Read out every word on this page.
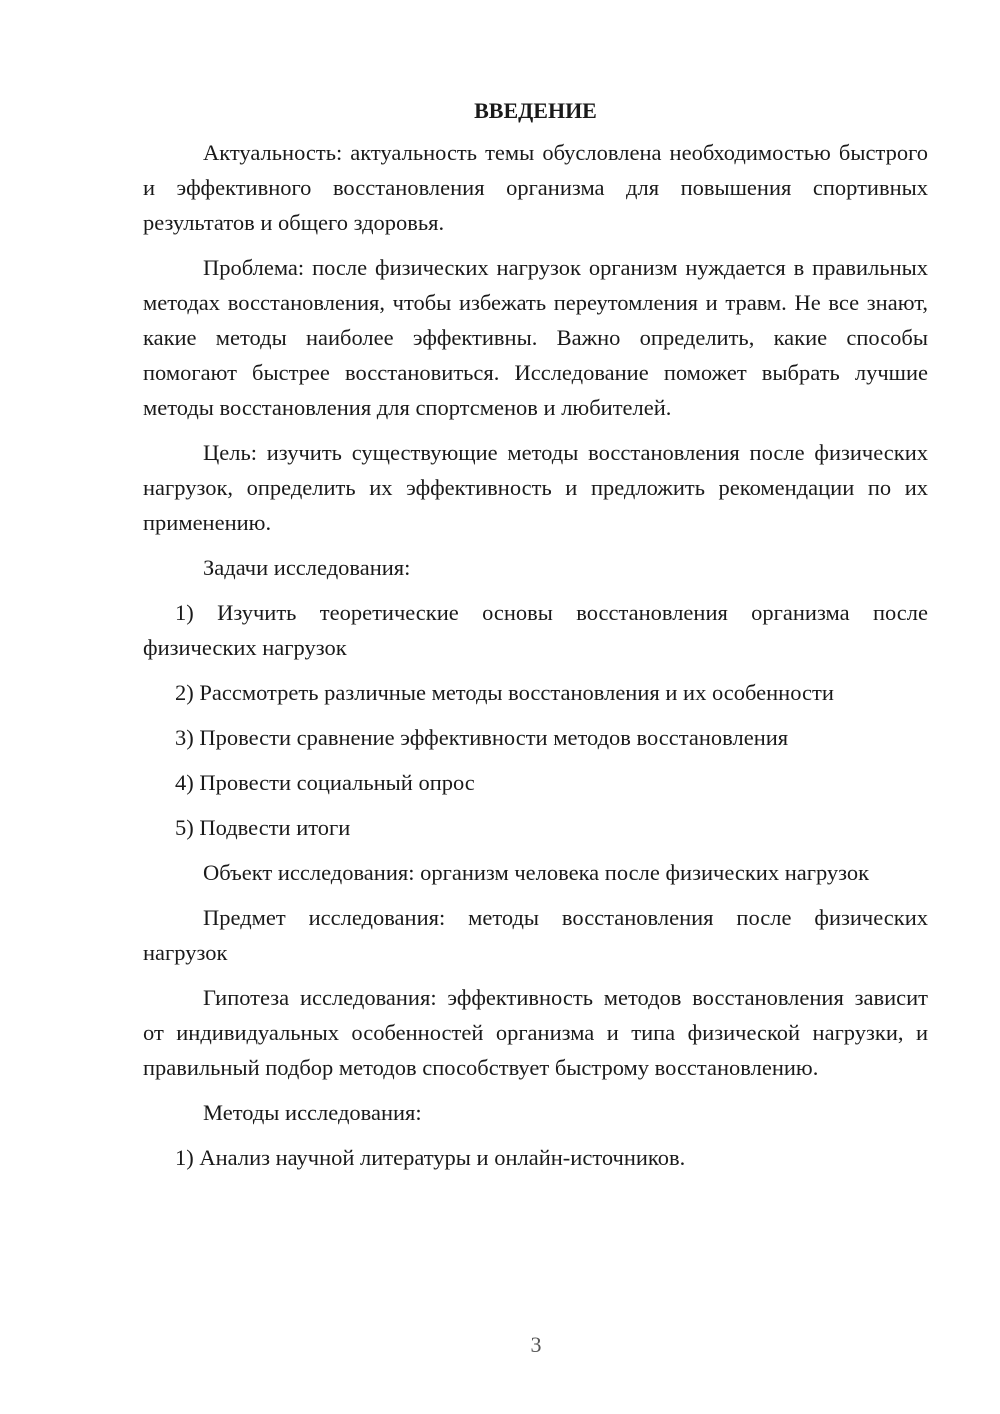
ВВЕДЕНИЕ

Актуальность: актуальность темы обусловлена необходимостью быстрого и эффективного восстановления организма для повышения спортивных результатов и общего здоровья.

Проблема: после физических нагрузок организм нуждается в правильных методах восстановления, чтобы избежать переутомления и травм. Не все знают, какие методы наиболее эффективны. Важно определить, какие способы помогают быстрее восстановиться. Исследование поможет выбрать лучшие методы восстановления для спортсменов и любителей.

Цель: изучить существующие методы восстановления после физических нагрузок, определить их эффективность и предложить рекомендации по их применению.

Задачи исследования:

1) Изучить теоретические основы восстановления организма после физических нагрузок

2) Рассмотреть различные методы восстановления и их особенности

3) Провести сравнение эффективности методов восстановления

4) Провести социальный опрос

5) Подвести итоги

Объект исследования: организм человека после физических нагрузок

Предмет исследования: методы восстановления после физических нагрузок

Гипотеза исследования: эффективность методов восстановления зависит от индивидуальных особенностей организма и типа физической нагрузки, и правильный подбор методов способствует быстрому восстановлению.

Методы исследования:

1) Анализ научной литературы и онлайн-источников.

3
